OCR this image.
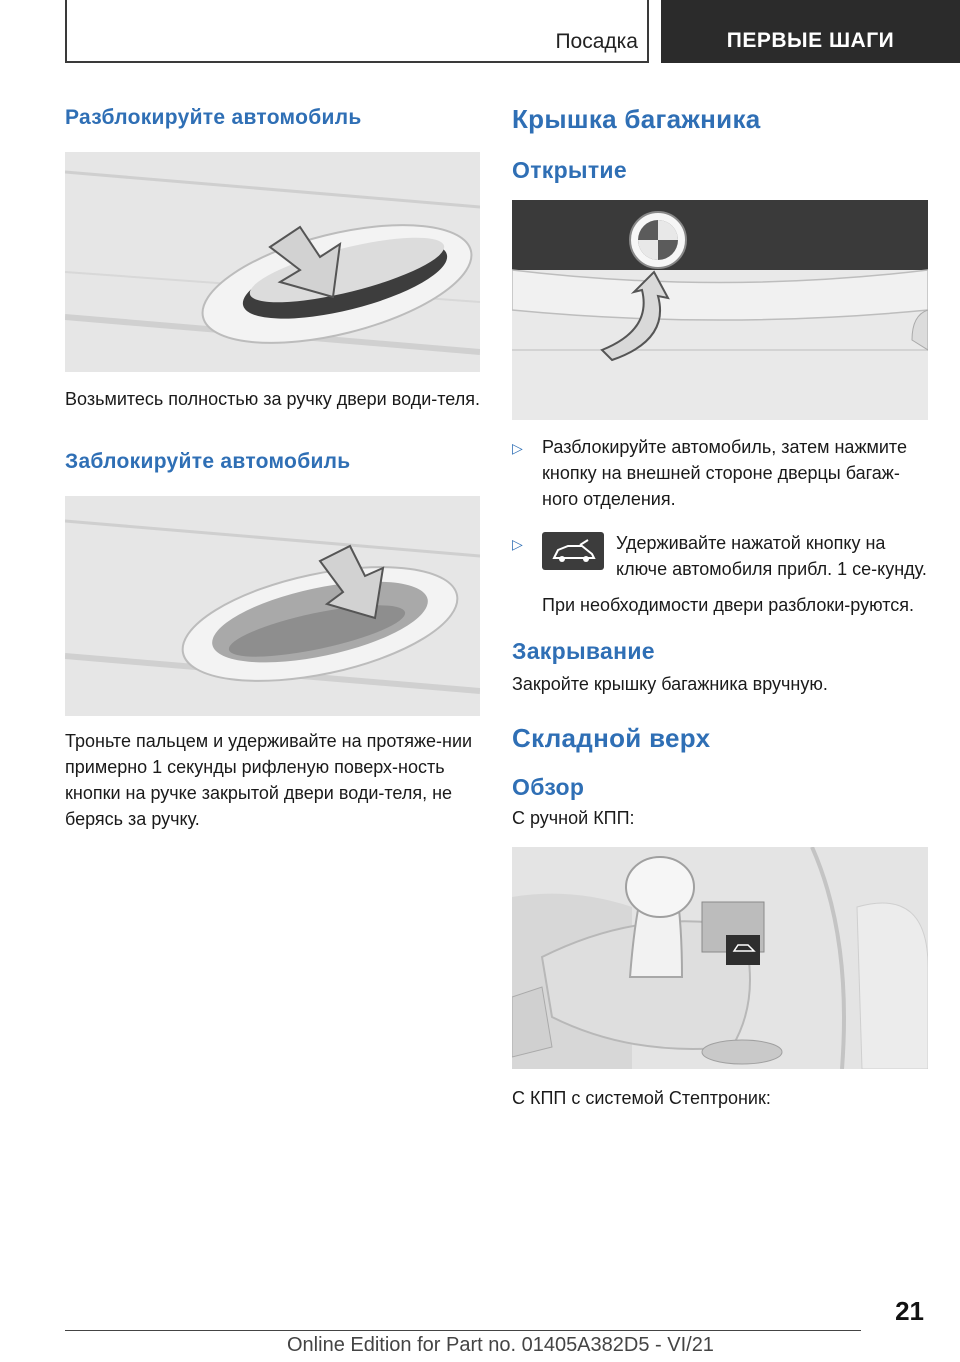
Посадка	ПЕРВЫЕ ШАГИ
Разблокируйте автомобиль

Возьмитесь полностью за ручку двери води-теля.

Заблокируйте автомобиль

Троньте пальцем и удерживайте на протяже-нии примерно 1 секунды рифленую поверх-ность кнопки на ручке закрытой двери води-теля, не берясь за ручку.

Крышка багажника
Открытие
▷ Разблокируйте автомобиль, затем нажмите кнопку на внешней стороне дверцы багаж-ного отделения.
▷	Удерживайте нажатой кнопку на ключе автомобиля прибл. 1 се-кунду.

При необходимости двери разблоки-руются.

Закрывание

Закройте крышку багажника вручную.

Складной верх
Обзор

С ручной КПП:

С КПП с системой Стептроник:

21
Online Edition for Part no. 01405A382D5 - VI/21
